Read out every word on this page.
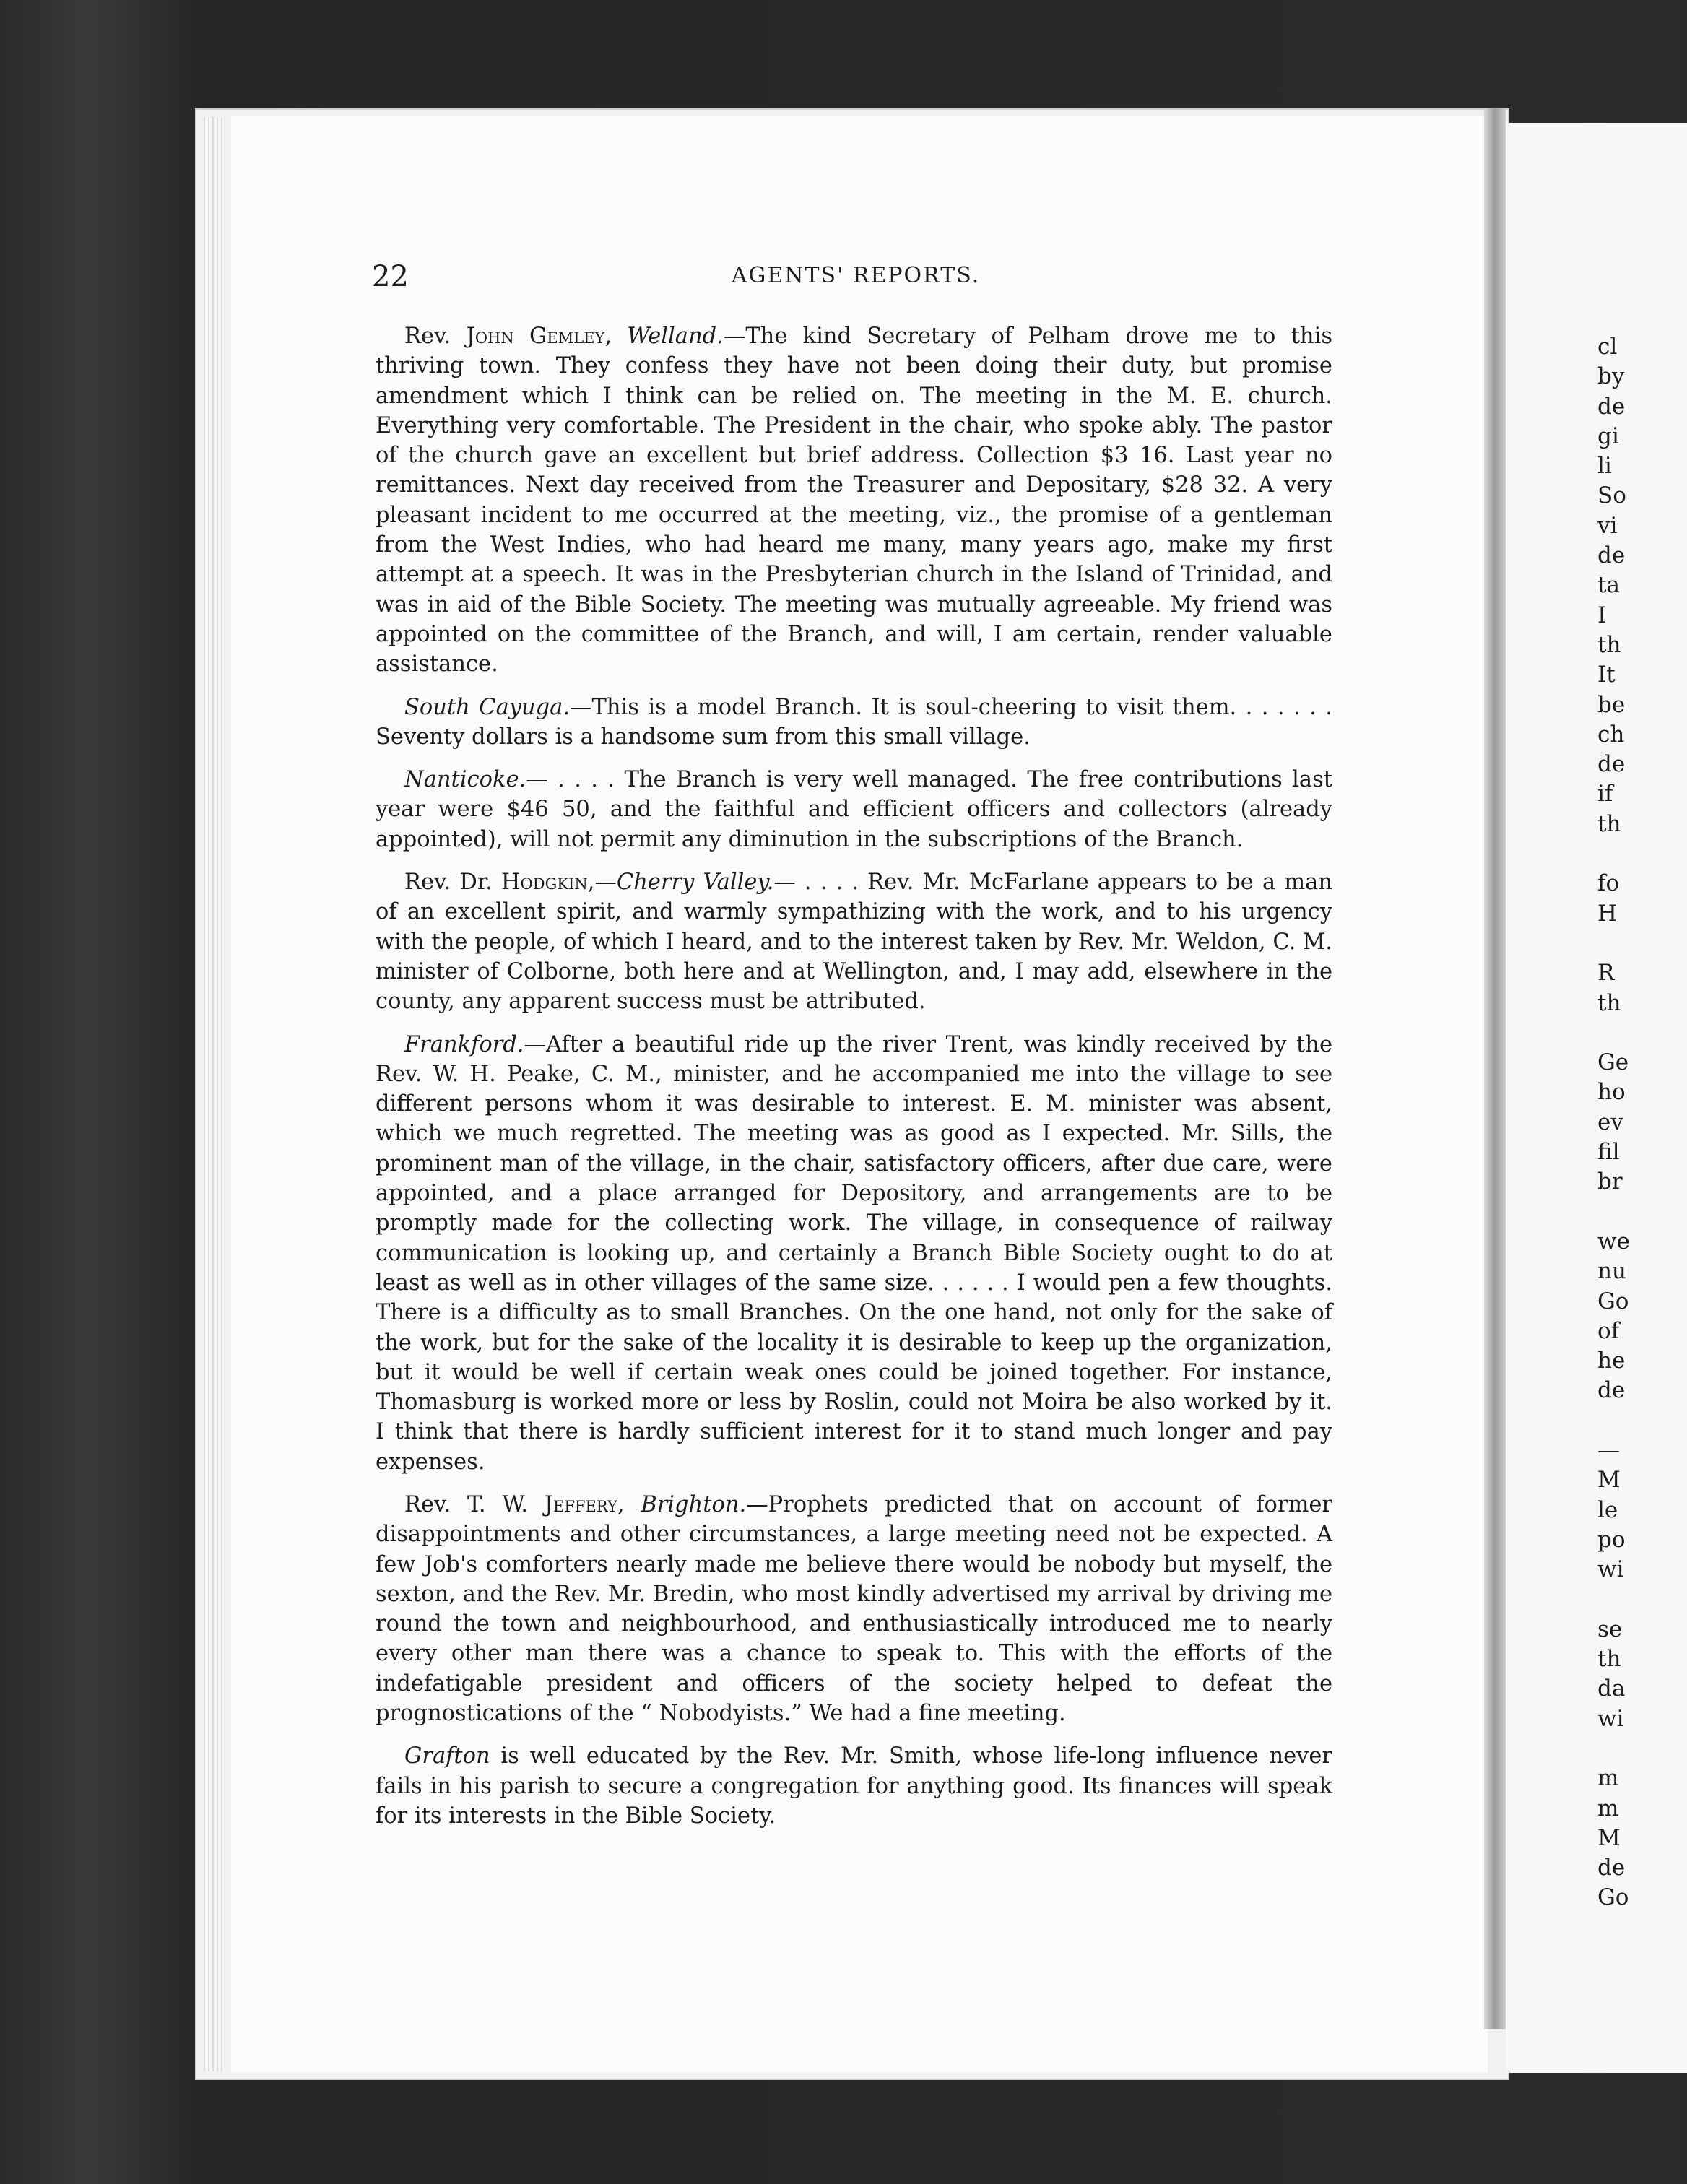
22	AGENTS' REPORTS.

Rev. John Gemley, Welland.—The kind Secretary of Pelham drove me to this thriving town. They confess they have not been doing their duty, but promise amendment which I think can be relied on. The meeting in the M. E. church. Everything very comfortable. The President in the chair, who spoke ably. The pastor of the church gave an excellent but brief address. Collection $3 16. Last year no remittances. Next day received from the Treasurer and Depositary, $28 32. A very pleasant incident to me occurred at the meeting, viz., the promise of a gentleman from the West Indies, who had heard me many, many years ago, make my first attempt at a speech. It was in the Presbyterian church in the Island of Trinidad, and was in aid of the Bible Society. The meeting was mutually agreeable. My friend was appointed on the committee of the Branch, and will, I am certain, render valuable assistance.

South Cayuga.—This is a model Branch. It is soul-cheering to visit them. . . . . . . Seventy dollars is a handsome sum from this small village.

Nanticoke.— . . . . The Branch is very well managed. The free contributions last year were $46 50, and the faithful and efficient officers and collectors (already appointed), will not permit any diminution in the subscriptions of the Branch.

Rev. Dr. Hodgkin,—Cherry Valley.— . . . . Rev. Mr. McFarlane appears to be a man of an excellent spirit, and warmly sympathizing with the work, and to his urgency with the people, of which I heard, and to the interest taken by Rev. Mr. Weldon, C. M. minister of Colborne, both here and at Wellington, and, I may add, elsewhere in the county, any apparent success must be attributed.

Frankford.—After a beautiful ride up the river Trent, was kindly received by the Rev. W. H. Peake, C. M., minister, and he accompanied me into the village to see different persons whom it was desirable to interest. E. M. minister was absent, which we much regretted. The meeting was as good as I expected. Mr. Sills, the prominent man of the village, in the chair, satisfactory officers, after due care, were appointed, and a place arranged for Depository, and arrangements are to be promptly made for the collecting work. The village, in consequence of railway communication is looking up, and certainly a Branch Bible Society ought to do at least as well as in other villages of the same size. . . . . . I would pen a few thoughts. There is a difficulty as to small Branches. On the one hand, not only for the sake of the work, but for the sake of the locality it is desirable to keep up the organization, but it would be well if certain weak ones could be joined together. For instance, Thomasburg is worked more or less by Roslin, could not Moira be also worked by it. I think that there is hardly sufficient interest for it to stand much longer and pay expenses.

Rev. T. W. Jeffery, Brighton.—Prophets predicted that on account of former disappointments and other circumstances, a large meeting need not be expected. A few Job's comforters nearly made me believe there would be nobody but myself, the sexton, and the Rev. Mr. Bredin, who most kindly advertised my arrival by driving me round the town and neighbourhood, and enthusiastically introduced me to nearly every other man there was a chance to speak to. This with the efforts of the indefatigable president and officers of the society helped to defeat the prognostications of the “ Nobodyists.” We had a fine meeting.

Grafton is well educated by the Rev. Mr. Smith, whose life-long influence never fails in his parish to secure a congregation for anything good. Its finances will speak for its interests in the Bible Society.

cl
by
de
gi
li
So
vi
de
ta
I
th
It
be
ch
de
if
th
fo
H
R
th
Ge
ho
ev
fil
br
we
nu
Go
of
he
de
—
M
le
po
wi
se
th
da
wi
m
m
M
de
Go
